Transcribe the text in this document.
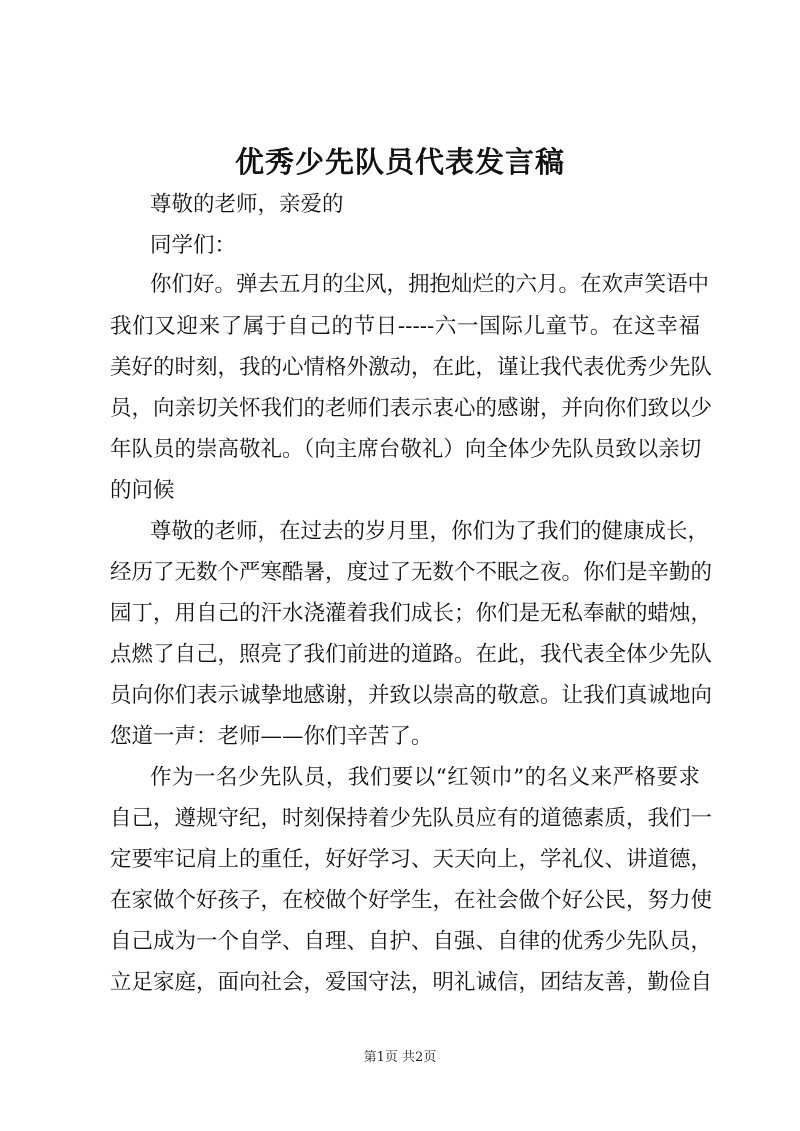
优秀少先队员代表发言稿
尊敬的老师，亲爱的
同学们：
你们好。弹去五月的尘风，拥抱灿烂的六月。在欢声笑语中
我们又迎来了属于自己的节日-----六一国际儿童节。在这幸福
美好的时刻，我的心情格外激动，在此，谨让我代表优秀少先队
员，向亲切关怀我们的老师们表示衷心的感谢，并向你们致以少
年队员的崇高敬礼。（向主席台敬礼）向全体少先队员致以亲切
的问候
尊敬的老师，在过去的岁月里，你们为了我们的健康成长，
经历了无数个严寒酷暑，度过了无数个不眠之夜。你们是辛勤的
园丁，用自己的汗水浇灌着我们成长；你们是无私奉献的蜡烛，
点燃了自己，照亮了我们前进的道路。在此，我代表全体少先队
员向你们表示诚挚地感谢，并致以崇高的敬意。让我们真诚地向
您道一声：老师——你们辛苦了。
作为一名少先队员，我们要以“红领巾”的名义来严格要求
自己，遵规守纪，时刻保持着少先队员应有的道德素质，我们一
定要牢记肩上的重任，好好学习、天天向上，学礼仪、讲道德，
在家做个好孩子，在校做个好学生，在社会做个好公民，努力使
自己成为一个自学、自理、自护、自强、自律的优秀少先队员，
立足家庭，面向社会，爱国守法，明礼诚信，团结友善，勤俭自
第1页 共2页
